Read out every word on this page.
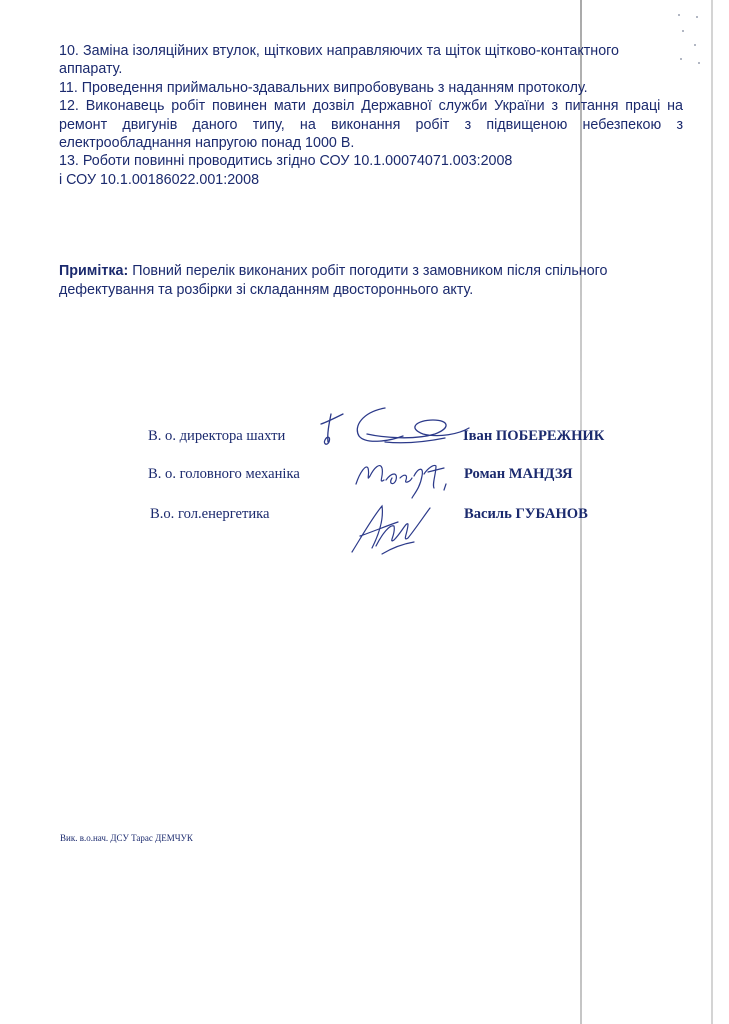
10. Заміна ізоляційних втулок, щіткових направляючих та щіток щітково-контактного аппарату.

11. Проведення приймально-здавальних випробовувань з наданням протоколу.

12. Виконавець робіт повинен мати дозвіл Державної служби України з питання праці на ремонт двигунів даного типу, на виконання робіт з підвищеною небезпекою з електрообладнання напругою понад 1000 В.

13. Роботи повинні проводитись згідно СОУ 10.1.00074071.003:2008

і СОУ 10.1.00186022.001:2008

Примітка: Повний перелік виконаних робіт погодити з замовником після спільного дефектування та розбірки зі складанням двостороннього акту.
В. о. директора шахти	Іван ПОБЕРЕЖНИК
В. о. головного механіка	Роман МАНДЗЯ
В.о. гол.енергетика	Василь ГУБАНОВ
Вик. в.о.нач. ДСУ Тарас ДЕМЧУК
